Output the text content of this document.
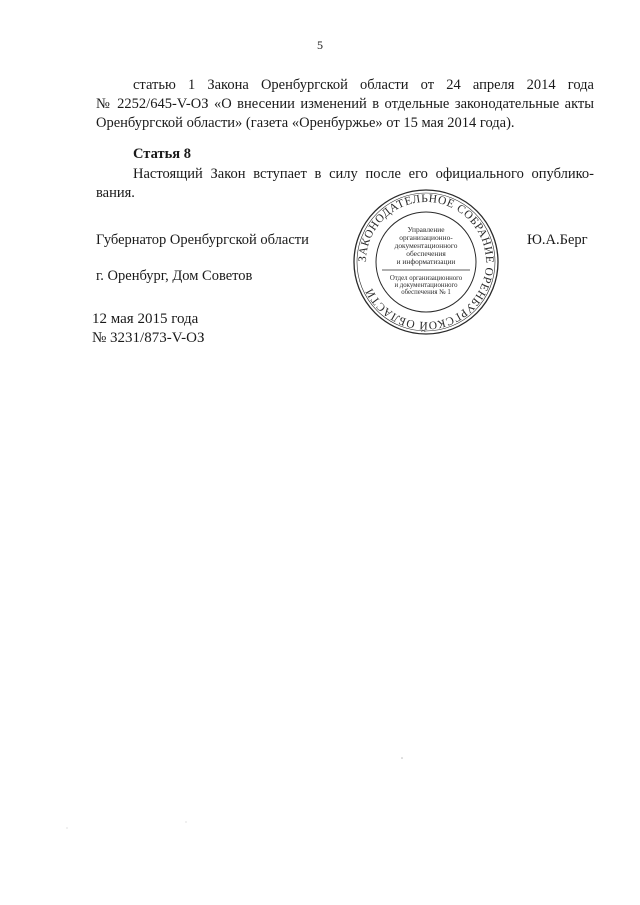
5
статью 1 Закона Оренбургской области от 24 апреля 2014 года
№ 2252/645-V-ОЗ «О внесении изменений в отдельные законодательные акты
Оренбургской области» (газета «Оренбуржье» от 15 мая 2014 года).
Статья 8
Настоящий Закон вступает в силу после его официального опублико-
вания.
Губернатор Оренбургской области	Ю.А.Берг
г. Оренбург, Дом Советов
12 мая 2015 года
№ 3231/873-V-ОЗ
ЗАКОНОДАТЕЛЬНОЕ СОБРАНИЕ ОРЕНБУРГСКОЙ ОБЛАСТИ
Управление
организационно-
документационного
обеспечения
и информатизации
Отдел организационного
и документационного
обеспечения № 1
